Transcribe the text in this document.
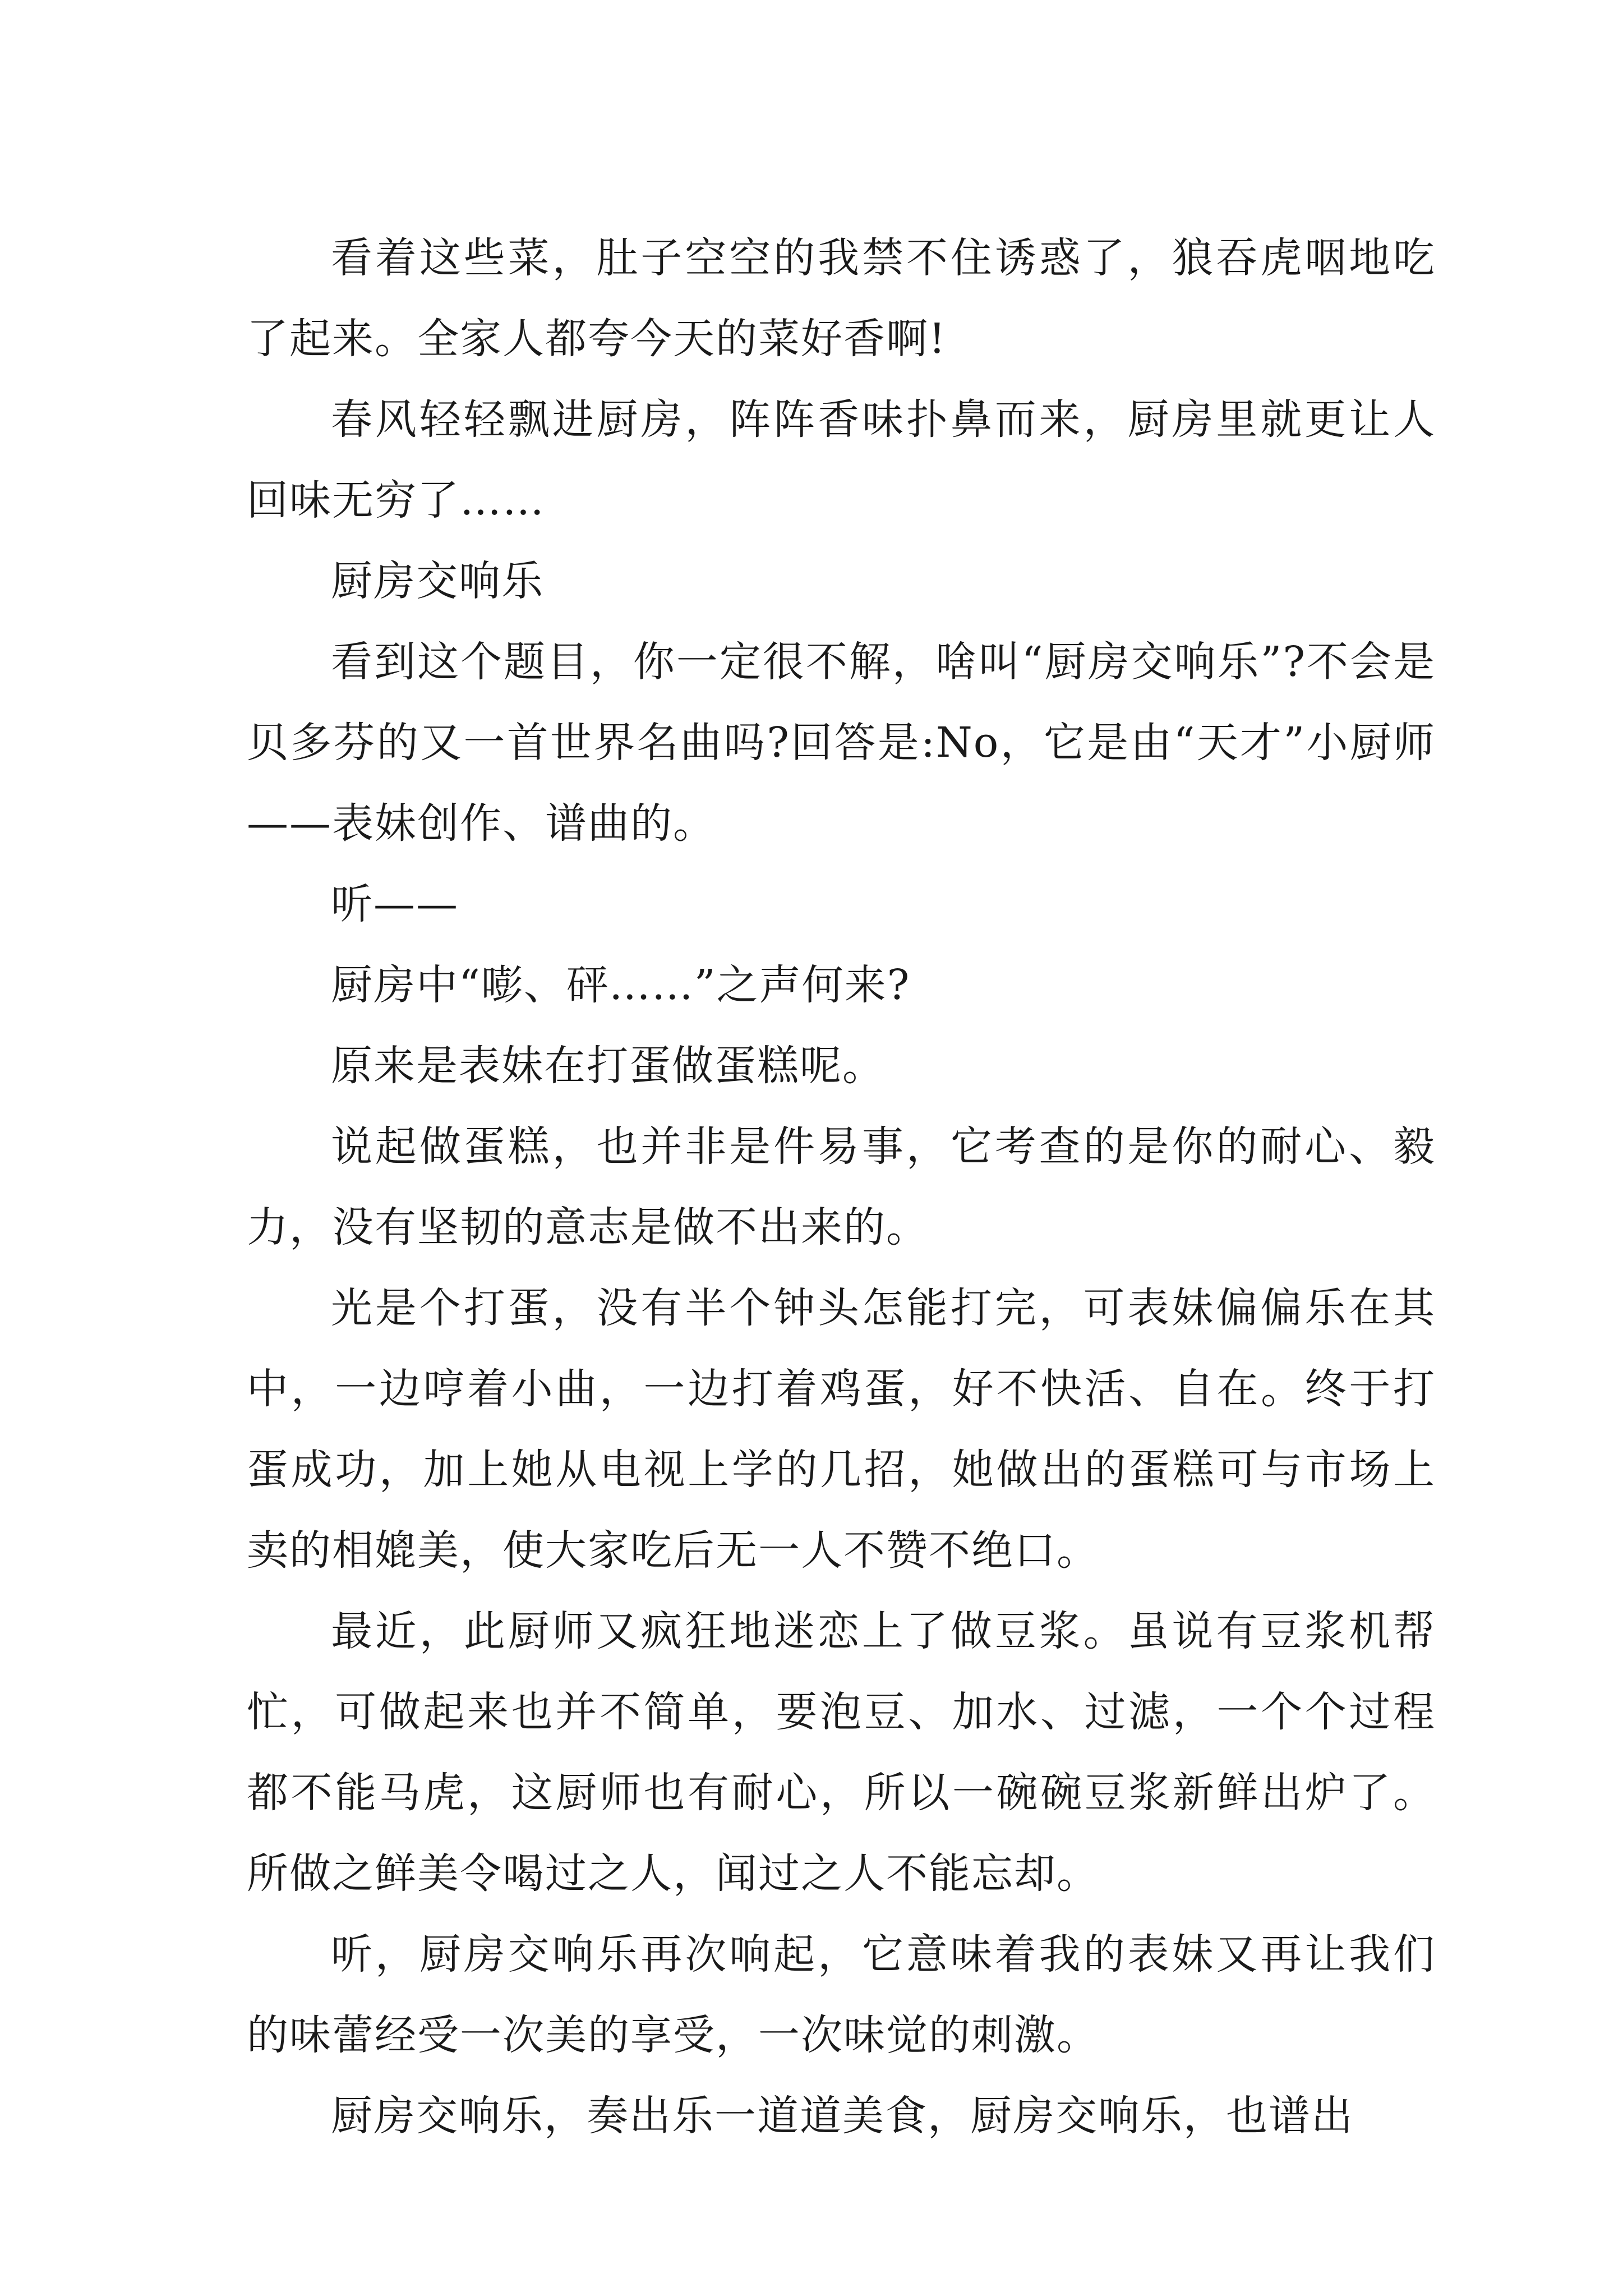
看着这些菜，肚子空空的我禁不住诱惑了，狼吞虎咽地吃了起来。全家人都夸今天的菜好香啊!

春风轻轻飘进厨房，阵阵香味扑鼻而来，厨房里就更让人回味无穷了……

厨房交响乐

看到这个题目，你一定很不解，啥叫“厨房交响乐”?不会是贝多芬的又一首世界名曲吗?回答是:No，它是由“天才”小厨师——表妹创作、谱曲的。

听——

厨房中“嘭、砰……”之声何来?

原来是表妹在打蛋做蛋糕呢。

说起做蛋糕，也并非是件易事，它考查的是你的耐心、毅力，没有坚韧的意志是做不出来的。

光是个打蛋，没有半个钟头怎能打完，可表妹偏偏乐在其中，一边哼着小曲，一边打着鸡蛋，好不快活、自在。终于打蛋成功，加上她从电视上学的几招，她做出的蛋糕可与市场上卖的相媲美，使大家吃后无一人不赞不绝口。

最近，此厨师又疯狂地迷恋上了做豆浆。虽说有豆浆机帮忙，可做起来也并不简单，要泡豆、加水、过滤，一个个过程都不能马虎，这厨师也有耐心，所以一碗碗豆浆新鲜出炉了。所做之鲜美令喝过之人，闻过之人不能忘却。

听，厨房交响乐再次响起，它意味着我的表妹又再让我们的味蕾经受一次美的享受，一次味觉的刺激。

厨房交响乐，奏出乐一道道美食，厨房交响乐，也谱出
